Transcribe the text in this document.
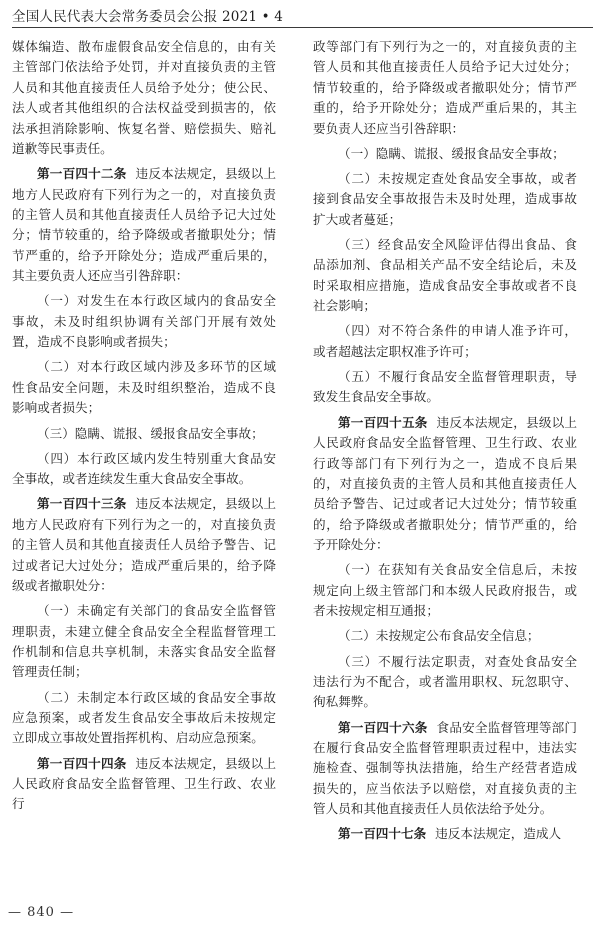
全国人民代表大会常务委员会公报 2021 • 4

媒体编造、散布虚假食品安全信息的，由有关主管部门依法给予处罚，并对直接负责的主管人员和其他直接责任人员给予处分；使公民、法人或者其他组织的合法权益受到损害的，依法承担消除影响、恢复名誉、赔偿损失、赔礼道歉等民事责任。

第一百四十二条 违反本法规定，县级以上地方人民政府有下列行为之一的，对直接负责的主管人员和其他直接责任人员给予记大过处分；情节较重的，给予降级或者撤职处分；情节严重的，给予开除处分；造成严重后果的，其主要负责人还应当引咎辞职：

（一）对发生在本行政区域内的食品安全事故，未及时组织协调有关部门开展有效处置，造成不良影响或者损失；

（二）对本行政区域内涉及多环节的区域性食品安全问题，未及时组织整治，造成不良影响或者损失；

（三）隐瞒、谎报、缓报食品安全事故；

（四）本行政区域内发生特别重大食品安全事故，或者连续发生重大食品安全事故。

第一百四十三条 违反本法规定，县级以上地方人民政府有下列行为之一的，对直接负责的主管人员和其他直接责任人员给予警告、记过或者记大过处分；造成严重后果的，给予降级或者撤职处分：

（一）未确定有关部门的食品安全监督管理职责，未建立健全食品安全全程监督管理工作机制和信息共享机制，未落实食品安全监督管理责任制；

（二）未制定本行政区域的食品安全事故应急预案，或者发生食品安全事故后未按规定立即成立事故处置指挥机构、启动应急预案。

第一百四十四条 违反本法规定，县级以上人民政府食品安全监督管理、卫生行政、农业行

政等部门有下列行为之一的，对直接负责的主管人员和其他直接责任人员给予记大过处分；情节较重的，给予降级或者撤职处分；情节严重的，给予开除处分；造成严重后果的，其主要负责人还应当引咎辞职：

（一）隐瞒、谎报、缓报食品安全事故；

（二）未按规定查处食品安全事故，或者接到食品安全事故报告未及时处理，造成事故扩大或者蔓延；

（三）经食品安全风险评估得出食品、食品添加剂、食品相关产品不安全结论后，未及时采取相应措施，造成食品安全事故或者不良社会影响；

（四）对不符合条件的申请人准予许可，或者超越法定职权准予许可；

（五）不履行食品安全监督管理职责，导致发生食品安全事故。

第一百四十五条 违反本法规定，县级以上人民政府食品安全监督管理、卫生行政、农业行政等部门有下列行为之一，造成不良后果的，对直接负责的主管人员和其他直接责任人员给予警告、记过或者记大过处分；情节较重的，给予降级或者撤职处分；情节严重的，给予开除处分：

（一）在获知有关食品安全信息后，未按规定向上级主管部门和本级人民政府报告，或者未按规定相互通报；

（二）未按规定公布食品安全信息；

（三）不履行法定职责，对查处食品安全违法行为不配合，或者滥用职权、玩忽职守、徇私舞弊。

第一百四十六条 食品安全监督管理等部门在履行食品安全监督管理职责过程中，违法实施检查、强制等执法措施，给生产经营者造成损失的，应当依法予以赔偿，对直接负责的主管人员和其他直接责任人员依法给予处分。

第一百四十七条 违反本法规定，造成人

— 840 —
